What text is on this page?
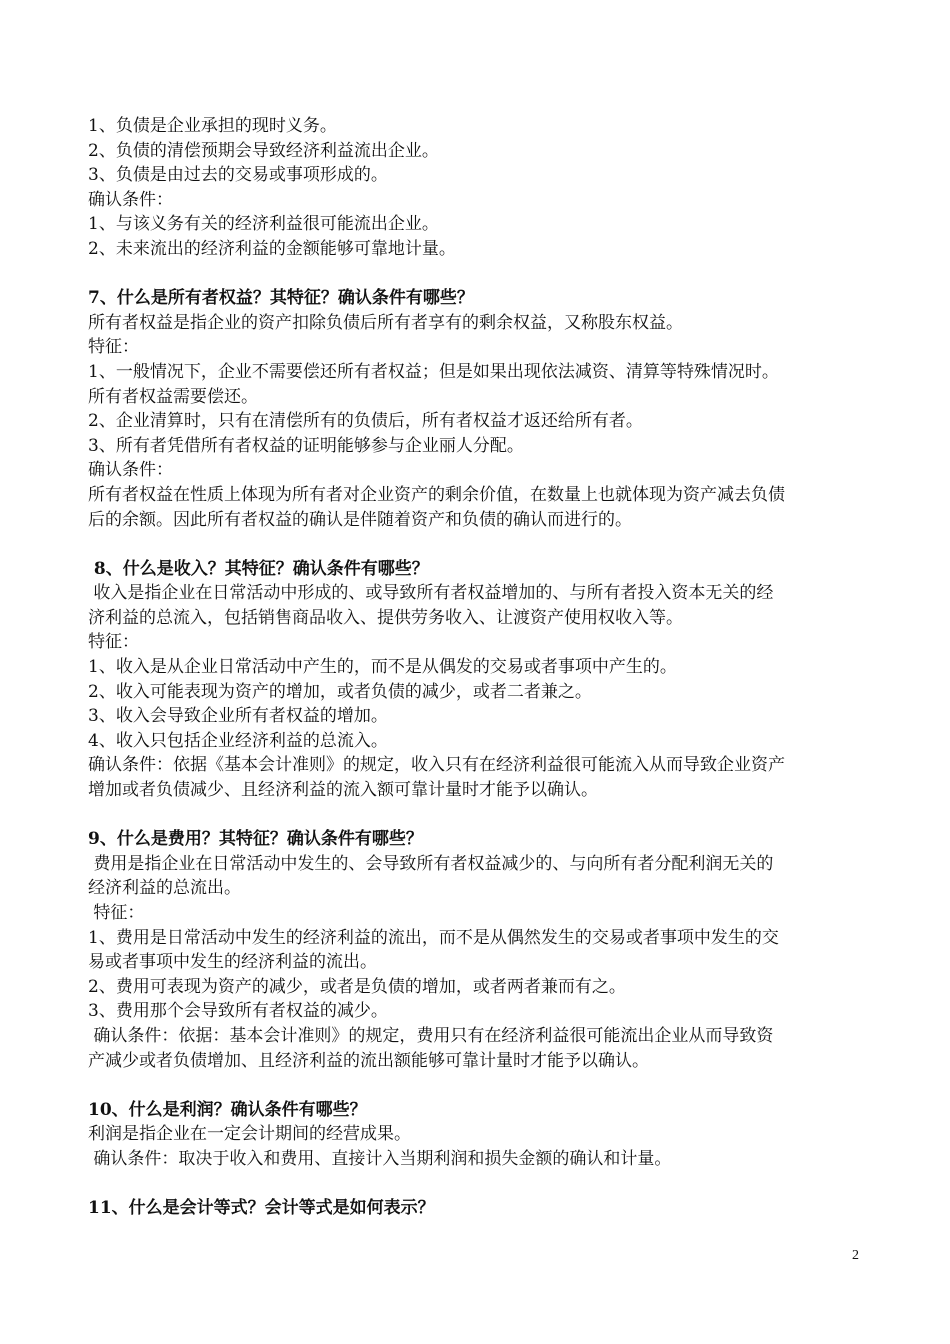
1、负债是企业承担的现时义务。
2、负债的清偿预期会导致经济利益流出企业。
3、负债是由过去的交易或事项形成的。
确认条件：
1、与该义务有关的经济利益很可能流出企业。
2、未来流出的经济利益的金额能够可靠地计量。
7、什么是所有者权益？其特征？确认条件有哪些？
所有者权益是指企业的资产扣除负债后所有者享有的剩余权益，又称股东权益。
特征：
1、一般情况下，企业不需要偿还所有者权益；但是如果出现依法减资、清算等特殊情况时。
所有者权益需要偿还。
2、企业清算时，只有在清偿所有的负债后，所有者权益才返还给所有者。
3、所有者凭借所有者权益的证明能够参与企业丽人分配。
确认条件：
所有者权益在性质上体现为所有者对企业资产的剩余价值，在数量上也就体现为资产减去负债
后的余额。因此所有者权益的确认是伴随着资产和负债的确认而进行的。
8、什么是收入？其特征？确认条件有哪些？
收入是指企业在日常活动中形成的、或导致所有者权益增加的、与所有者投入资本无关的经
济利益的总流入，包括销售商品收入、提供劳务收入、让渡资产使用权收入等。
特征：
1、收入是从企业日常活动中产生的，而不是从偶发的交易或者事项中产生的。
2、收入可能表现为资产的增加，或者负债的减少，或者二者兼之。
3、收入会导致企业所有者权益的增加。
4、收入只包括企业经济利益的总流入。
确认条件：依据《基本会计准则》的规定，收入只有在经济利益很可能流入从而导致企业资产
增加或者负债减少、且经济利益的流入额可靠计量时才能予以确认。
9、什么是费用？其特征？确认条件有哪些？
费用是指企业在日常活动中发生的、会导致所有者权益减少的、与向所有者分配利润无关的
经济利益的总流出。
特征：
1、费用是日常活动中发生的经济利益的流出，而不是从偶然发生的交易或者事项中发生的交
易或者事项中发生的经济利益的流出。
2、费用可表现为资产的减少，或者是负债的增加，或者两者兼而有之。
3、费用那个会导致所有者权益的减少。
确认条件：依据：基本会计准则》的规定，费用只有在经济利益很可能流出企业从而导致资
产减少或者负债增加、且经济利益的流出额能够可靠计量时才能予以确认。
10、什么是利润？确认条件有哪些？
利润是指企业在一定会计期间的经营成果。
确认条件：取决于收入和费用、直接计入当期利润和损失金额的确认和计量。
11、什么是会计等式？会计等式是如何表示？
2
